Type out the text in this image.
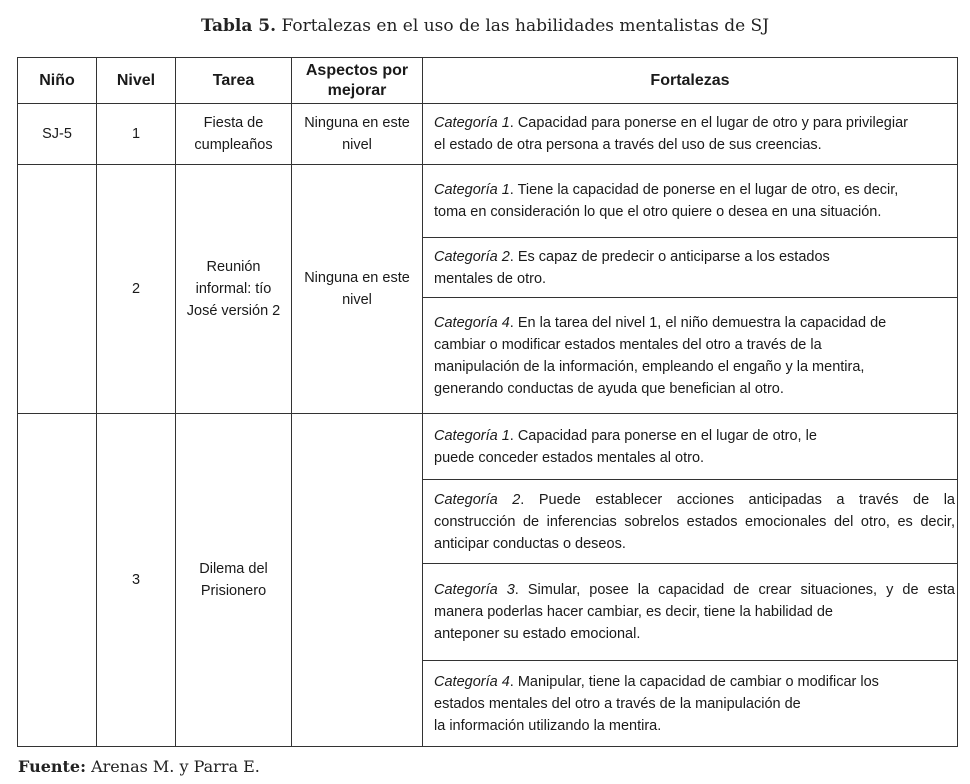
Tabla 5. Fortalezas en el uso de las habilidades mentalistas de SJ
Niño	Nivel	Tarea	Aspectos por mejorar	Fortalezas
SJ-5	1	Fiesta de cumpleaños	Ninguna en este nivel	Categoría 1. Capacidad para ponerse en el lugar de otro y para privilegiar
el estado de otra persona a través del uso de sus creencias.

	2	Reunión informal: tío José versión 2	Ninguna en este nivel	Categoría 1. Tiene la capacidad de ponerse en el lugar de otro, es decir,
toma en consideración lo que el otro quiere o desea en una situación.

				Categoría 2. Es capaz de predecir o anticiparse a los estados
mentales de otro.

				Categoría 4. En la tarea del nivel 1, el niño demuestra la capacidad de
cambiar o modificar estados mentales del otro a través de la
manipulación de la información, empleando el engaño y la mentira,
generando conductas de ayuda que benefician al otro.

	3	Dilema del Prisionero		Categoría 1. Capacidad para ponerse en el lugar de otro, le
puede conceder estados mentales al otro.

				Categoría 2. Puede establecer acciones anticipadas a través de la
construcción de inferencias sobrelos estados emocionales del otro, es decir,
anticipar conductas o deseos.

				Categoría 3. Simular, posee la capacidad de crear situaciones, y de esta
manera poderlas hacer cambiar, es decir, tiene la habilidad de
anteponer su estado emocional.

				Categoría 4. Manipular, tiene la capacidad de cambiar o modificar los
estados mentales del otro a través de la manipulación de
la información utilizando la mentira.
Fuente: Arenas M. y Parra E.
